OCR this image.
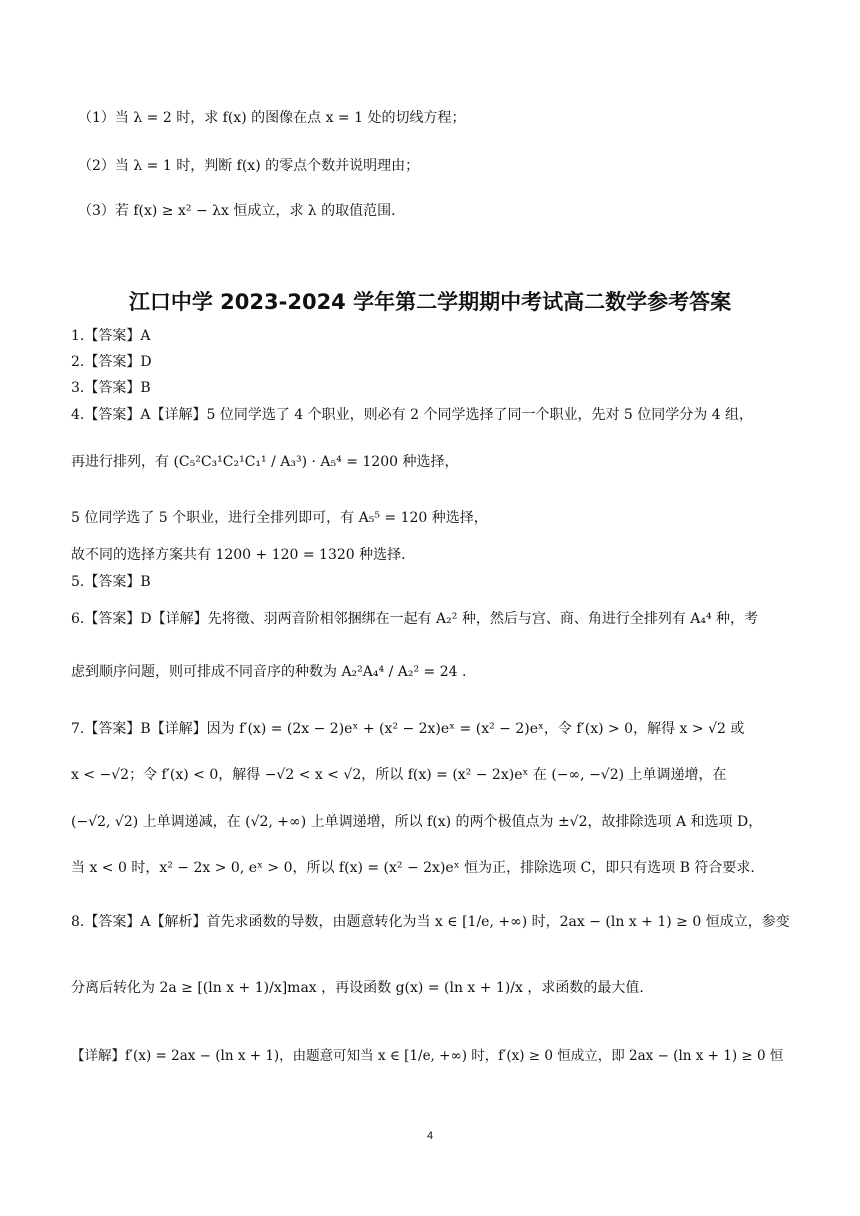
（1）当 λ = 2 时，求 f(x) 的图像在点 x = 1 处的切线方程；
（2）当 λ = 1 时，判断 f(x) 的零点个数并说明理由；
（3）若 f(x) ≥ x² − λx 恒成立，求 λ 的取值范围.
江口中学 2023-2024 学年第二学期期中考试高二数学参考答案
1.【答案】A
2.【答案】D
3.【答案】B
4.【答案】A【详解】5 位同学选了 4 个职业，则必有 2 个同学选择了同一个职业，先对 5 位同学分为 4 组，
再进行排列，有 (C₅²C₃¹C₂¹C₁¹ / A₃³) · A₅⁴ = 1200 种选择，
5 位同学选了 5 个职业，进行全排列即可，有 A₅⁵ = 120 种选择，
故不同的选择方案共有 1200 + 120 = 1320 种选择.
5.【答案】B
6.【答案】D【详解】先将徵、羽两音阶相邻捆绑在一起有 A₂² 种，然后与宫、商、角进行全排列有 A₄⁴ 种，考
虑到顺序问题，则可排成不同音序的种数为 A₂²A₄⁴ / A₂² = 24 .
7.【答案】B【详解】因为 f′(x) = (2x − 2)eˣ + (x² − 2x)eˣ = (x² − 2)eˣ，令 f′(x) > 0，解得 x > √2 或
x < −√2；令 f′(x) < 0，解得 −√2 < x < √2，所以 f(x) = (x² − 2x)eˣ 在 (−∞, −√2) 上单调递增，在
(−√2, √2) 上单调递减，在 (√2, +∞) 上单调递增，所以 f(x) 的两个极值点为 ±√2，故排除选项 A 和选项 D，
当 x < 0 时，x² − 2x > 0, eˣ > 0，所以 f(x) = (x² − 2x)eˣ 恒为正，排除选项 C，即只有选项 B 符合要求.
8.【答案】A【解析】首先求函数的导数，由题意转化为当 x ∈ [1/e, +∞) 时，2ax − (ln x + 1) ≥ 0 恒成立，参变
分离后转化为 2a ≥ [(ln x + 1)/x]max ，再设函数 g(x) = (ln x + 1)/x ，求函数的最大值.
【详解】f′(x) = 2ax − (ln x + 1)，由题意可知当 x ∈ [1/e, +∞) 时，f′(x) ≥ 0 恒成立，即 2ax − (ln x + 1) ≥ 0 恒
4
